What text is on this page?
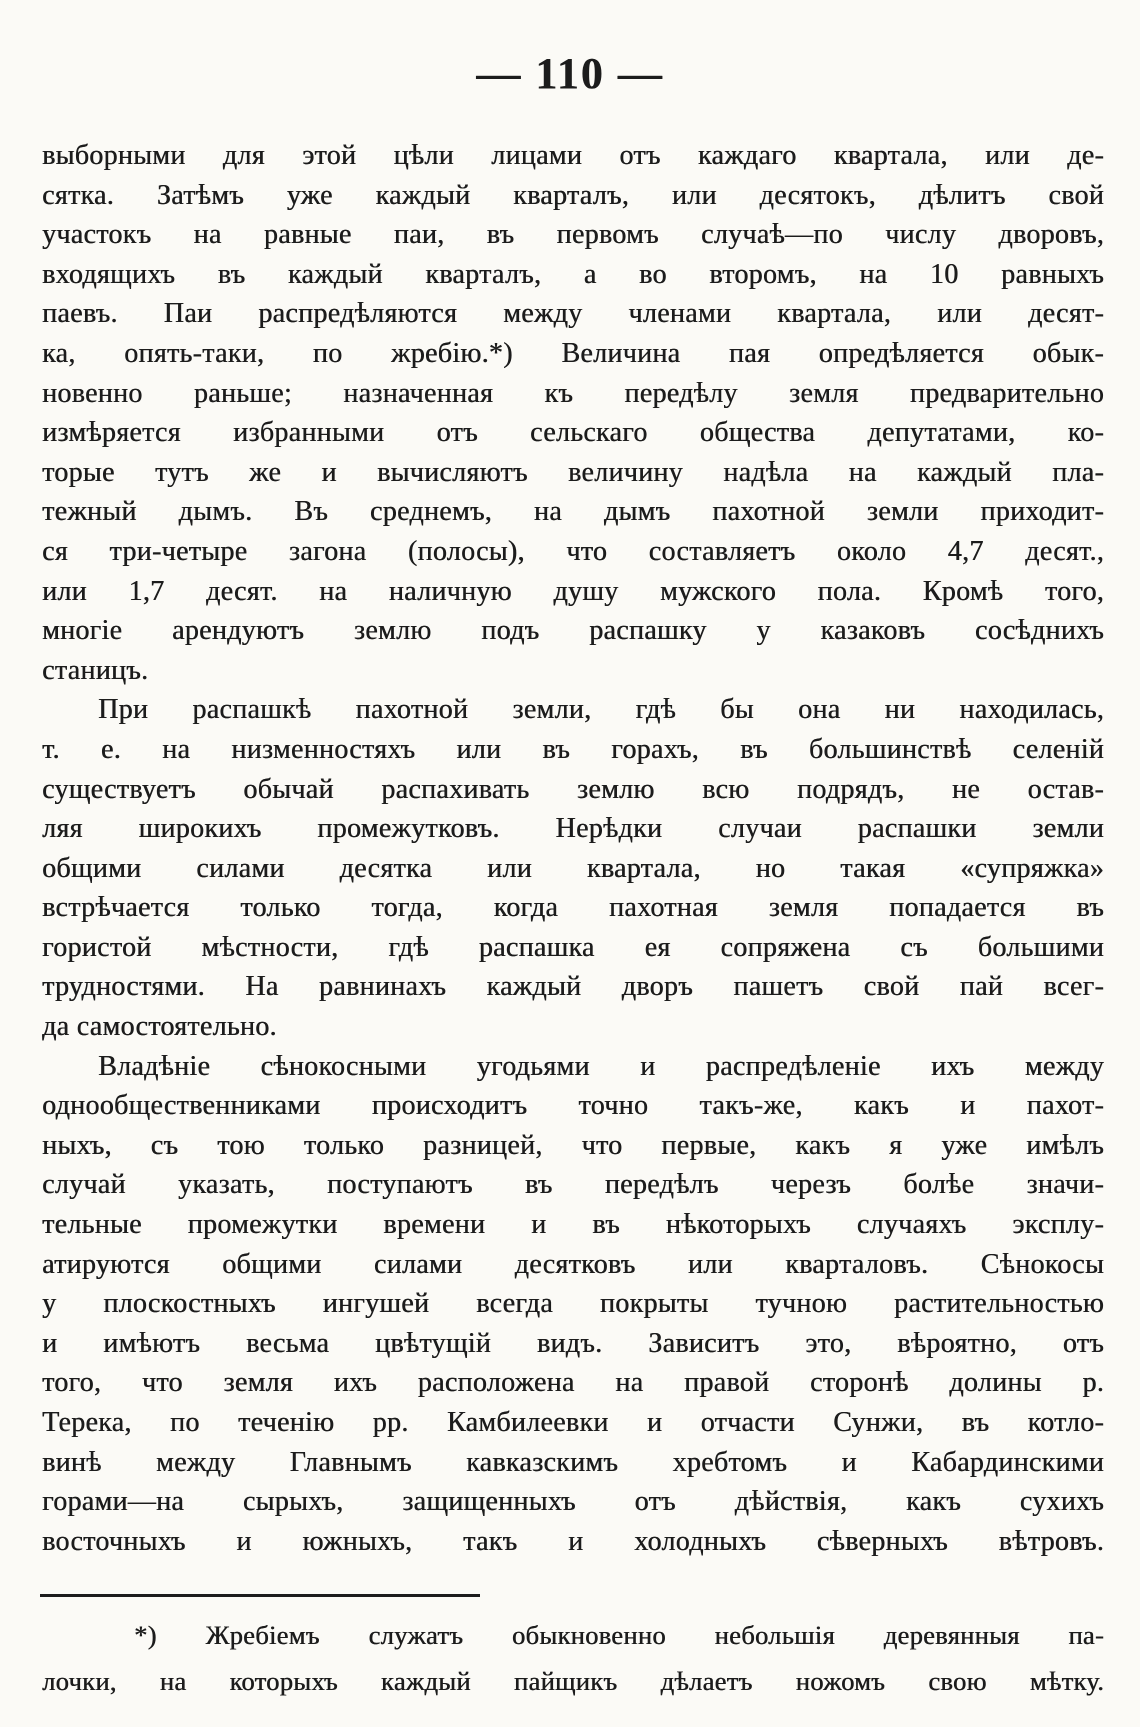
— 110 —
выборными для этой цѣли лицами отъ каждаго квартала, или де-
сятка. Затѣмъ уже каждый кварталъ, или десятокъ, дѣлитъ свой
участокъ на равные паи, въ первомъ случаѣ—по числу дворовъ,
входящихъ въ каждый кварталъ, а во второмъ, на 10 равныхъ
паевъ. Паи распредѣляются между членами квартала, или десят-
ка, опять-таки, по жребію.*) Величина пая опредѣляется обык-
новенно раньше; назначенная къ передѣлу земля предварительно
измѣряется избранными отъ сельскаго общества депутатами, ко-
торые тутъ же и вычисляютъ величину надѣла на каждый пла-
тежный дымъ. Въ среднемъ, на дымъ пахотной земли приходит-
ся три-четыре загона (полосы), что составляетъ около 4,7 десят.,
или 1,7 десят. на наличную душу мужского пола. Кромѣ того,
многіе арендуютъ землю подъ распашку у казаковъ сосѣднихъ
станицъ.
При распашкѣ пахотной земли, гдѣ бы она ни находилась,
т. е. на низменностяхъ или въ горахъ, въ большинствѣ селеній
существуетъ обычай распахивать землю всю подрядъ, не остав-
ляя широкихъ промежутковъ. Нерѣдки случаи распашки земли
общими силами десятка или квартала, но такая «супряжка»
встрѣчается только тогда, когда пахотная земля попадается въ
гористой мѣстности, гдѣ распашка ея сопряжена съ большими
трудностями. На равнинахъ каждый дворъ пашетъ свой пай всег-
да самостоятельно.
Владѣніе сѣнокосными угодьями и распредѣленіе ихъ между
однообщественниками происходитъ точно такъ-же, какъ и пахот-
ныхъ, съ тою только разницей, что первые, какъ я уже имѣлъ
случай указать, поступаютъ въ передѣлъ черезъ болѣе значи-
тельные промежутки времени и въ нѣкоторыхъ случаяхъ эксплу-
атируются общими силами десятковъ или кварталовъ. Сѣнокосы
у плоскостныхъ ингушей всегда покрыты тучною растительностью
и имѣютъ весьма цвѣтущій видъ. Зависитъ это, вѣроятно, отъ
того, что земля ихъ расположена на правой сторонѣ долины р.
Терека, по теченію рр. Камбилеевки и отчасти Сунжи, въ котло-
винѣ между Главнымъ кавказскимъ хребтомъ и Кабардинскими
горами—на сырыхъ, защищенныхъ отъ дѣйствія, какъ сухихъ
восточныхъ и южныхъ, такъ и холодныхъ сѣверныхъ вѣтровъ.
*) Жребіемъ служатъ обыкновенно небольшія деревянныя па-
лочки, на которыхъ каждый пайщикъ дѣлаетъ ножомъ свою мѣтку.
